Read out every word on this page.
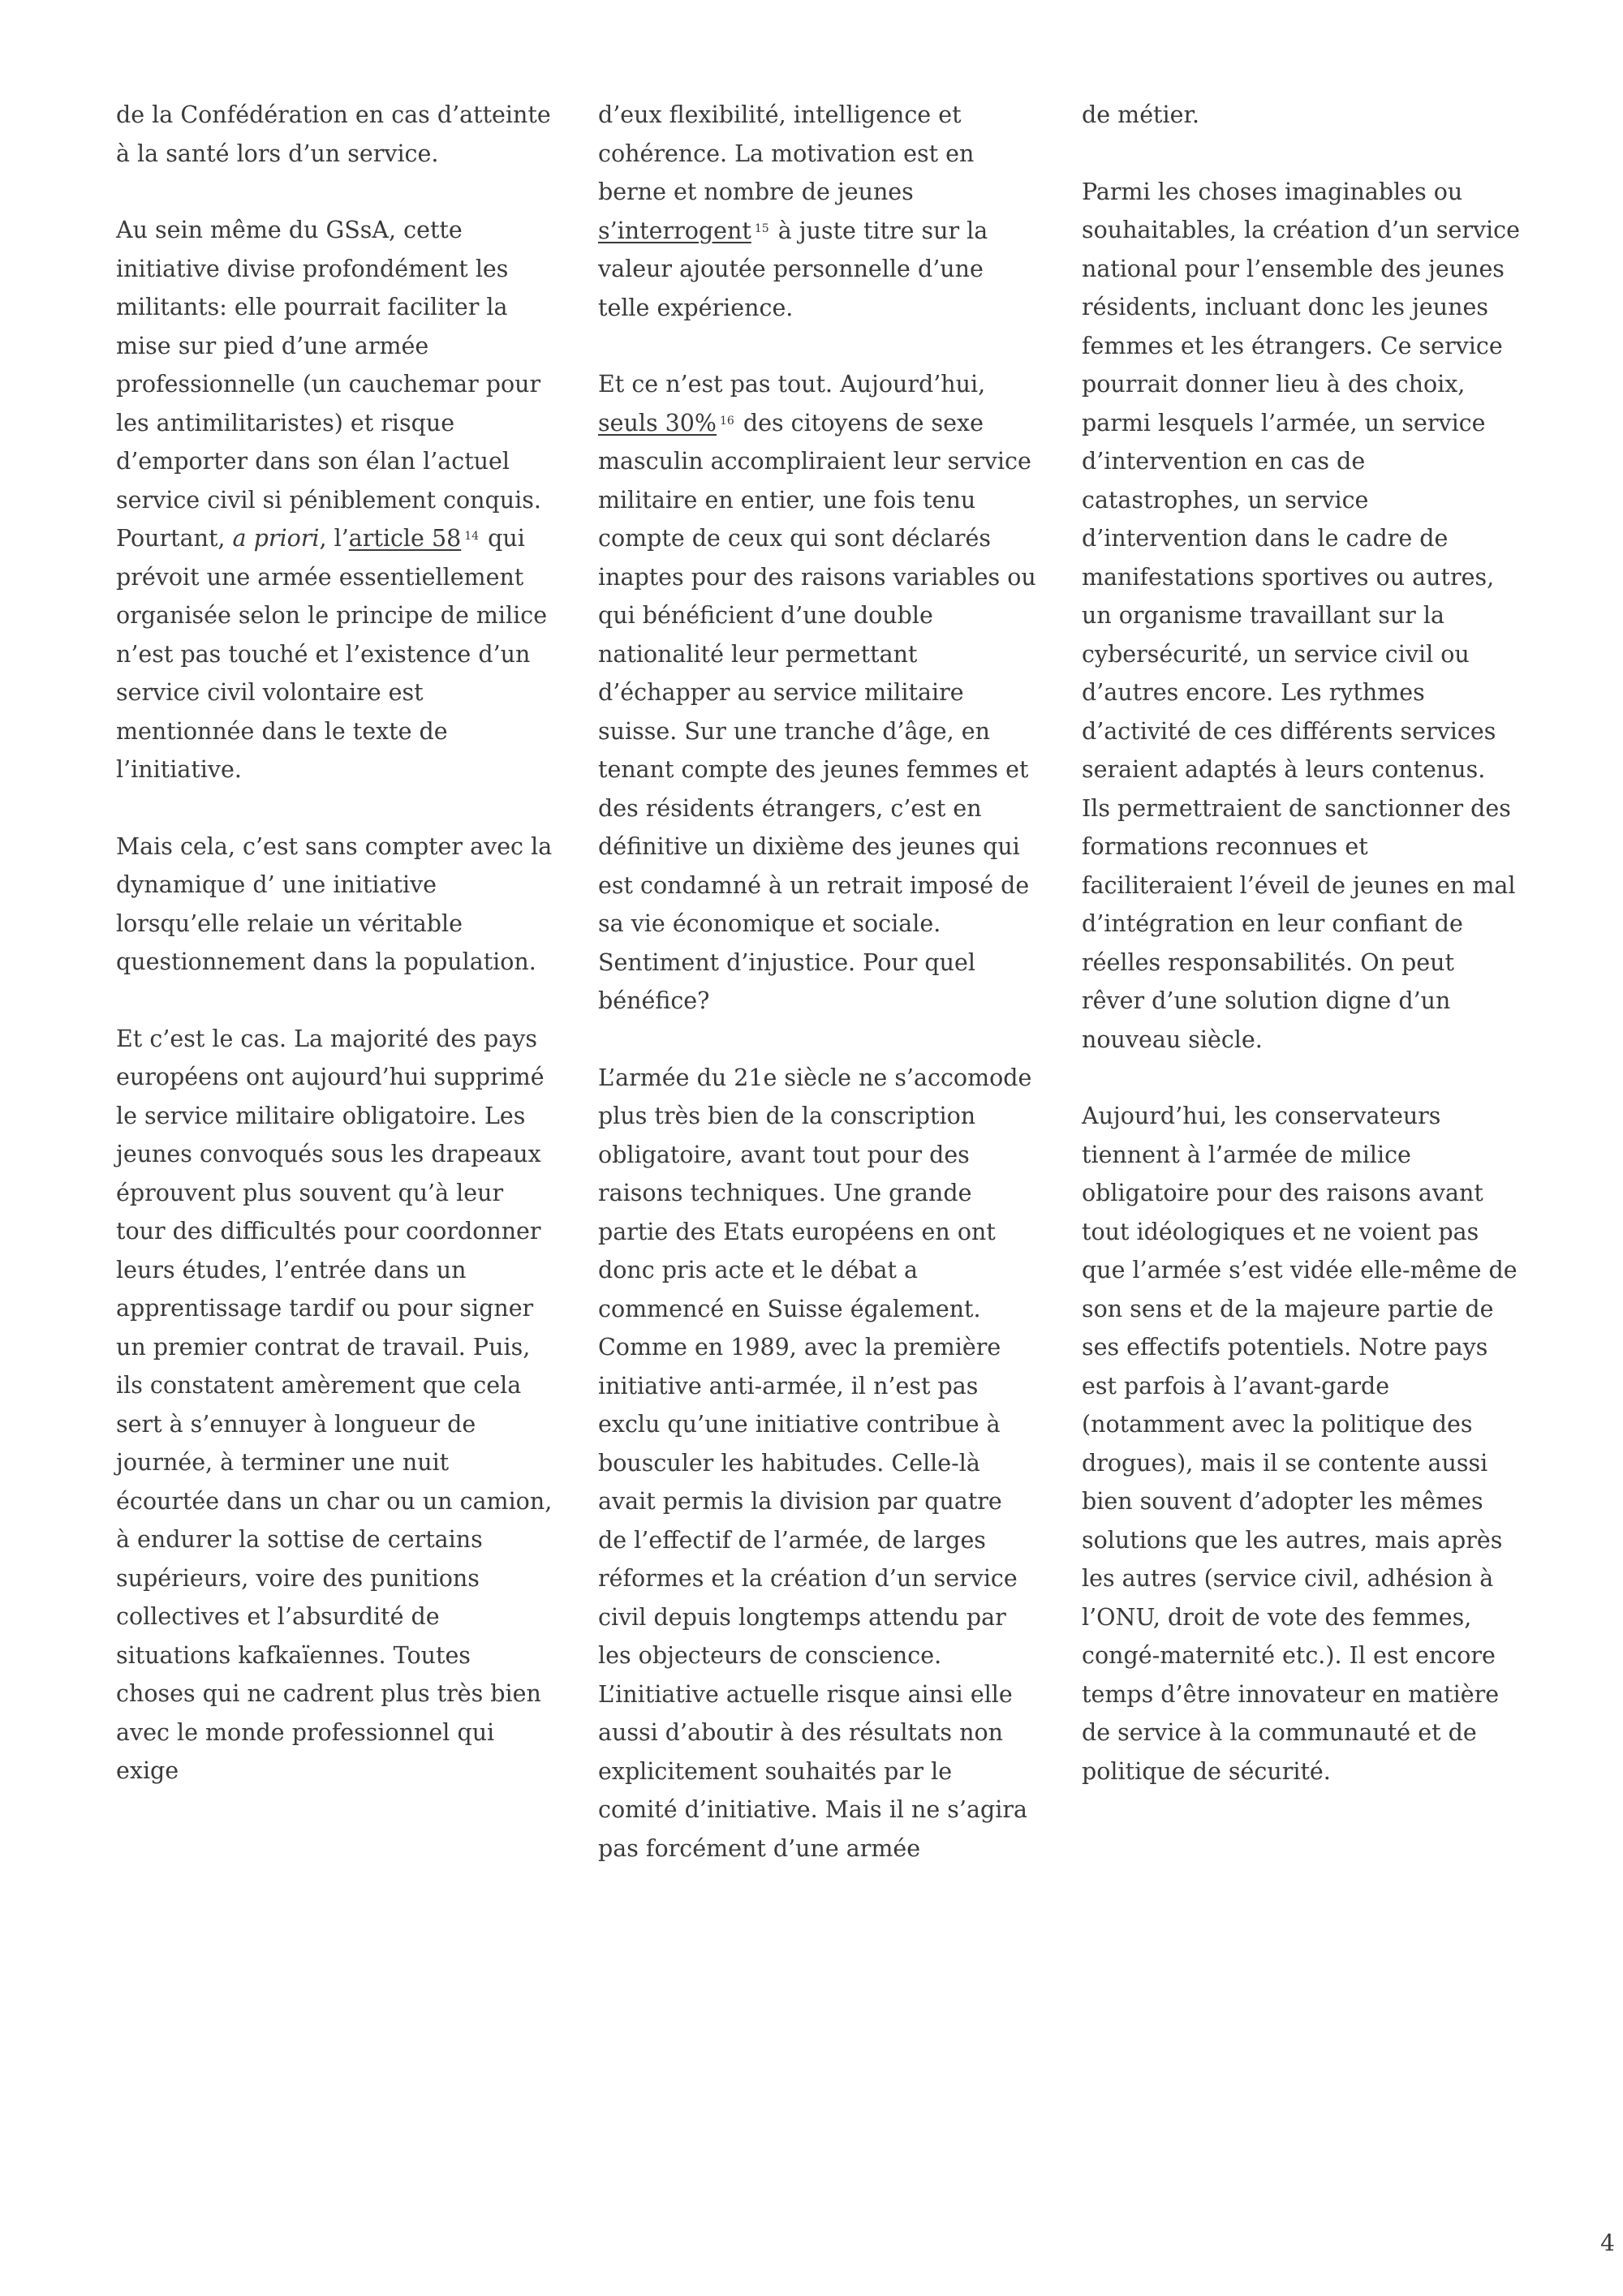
de la Confédération en cas d’atteinte à la santé lors d’un service.

Au sein même du GSsA, cette initiative divise profondément les militants: elle pourrait faciliter la mise sur pied d’une armée professionnelle (un cauchemar pour les antimilitaristes) et risque d’emporter dans son élan l’actuel service civil si péniblement conquis. Pourtant, a priori, l’article 58 $^{14}$ qui prévoit une armée essentiellement organisée selon le principe de milice n’est pas touché et l’existence d’un service civil volontaire est mentionnée dans le texte de l’initiative.

Mais cela, c’est sans compter avec la dynamique d’ une initiative lorsqu’elle relaie un véritable questionnement dans la population.

Et c’est le cas. La majorité des pays européens ont aujourd’hui supprimé le service militaire obligatoire. Les jeunes convoqués sous les drapeaux éprouvent plus souvent qu’à leur tour des difficultés pour coordonner leurs études, l’entrée dans un apprentissage tardif ou pour signer un premier contrat de travail. Puis, ils constatent amèrement que cela sert à s’ennuyer à longueur de journée, à terminer une nuit écourtée dans un char ou un camion, à endurer la sottise de certains supérieurs, voire des punitions collectives et l’absurdité de situations kafkaïennes. Toutes choses qui ne cadrent plus très bien avec le monde professionnel qui exige

d’eux flexibilité, intelligence et cohérence. La motivation est en berne et nombre de jeunes s’interrogent $^{15}$ à juste titre sur la valeur ajoutée personnelle d’une telle expérience.

Et ce n’est pas tout. Aujourd’hui, seuls 30% $^{16}$ des citoyens de sexe masculin accompliraient leur service militaire en entier, une fois tenu compte de ceux qui sont déclarés inaptes pour des raisons variables ou qui bénéficient d’une double nationalité leur permettant d’échapper au service militaire suisse. Sur une tranche d’âge, en tenant compte des jeunes femmes et des résidents étrangers, c’est en définitive un dixième des jeunes qui est condamné à un retrait imposé de sa vie économique et sociale. Sentiment d’injustice. Pour quel bénéfice?

L’armée du 21e siècle ne s’accomode plus très bien de la conscription obligatoire, avant tout pour des raisons techniques. Une grande partie des Etats européens en ont donc pris acte et le débat a commencé en Suisse également. Comme en 1989, avec la première initiative anti-armée, il n’est pas exclu qu’une initiative contribue à bousculer les habitudes. Celle-là avait permis la division par quatre de l’effectif de l’armée, de larges réformes et la création d’un service civil depuis longtemps attendu par les objecteurs de conscience. L’initiative actuelle risque ainsi elle aussi d’aboutir à des résultats non explicitement souhaités par le comité d’initiative. Mais il ne s’agira pas forcément d’une armée

de métier.

Parmi les choses imaginables ou souhaitables, la création d’un service national pour l’ensemble des jeunes résidents, incluant donc les jeunes femmes et les étrangers. Ce service pourrait donner lieu à des choix, parmi lesquels l’armée, un service d’intervention en cas de catastrophes, un service d’intervention dans le cadre de manifestations sportives ou autres, un organisme travaillant sur la cybersécurité, un service civil ou d’autres encore. Les rythmes d’activité de ces différents services seraient adaptés à leurs contenus. Ils permettraient de sanctionner des formations reconnues et faciliteraient l’éveil de jeunes en mal d’intégration en leur confiant de réelles responsabilités. On peut rêver d’une solution digne d’un nouveau siècle.

Aujourd’hui, les conservateurs tiennent à l’armée de milice obligatoire pour des raisons avant tout idéologiques et ne voient pas que l’armée s’est vidée elle-même de son sens et de la majeure partie de ses effectifs potentiels. Notre pays est parfois à l’avant-garde (notamment avec la politique des drogues), mais il se contente aussi bien souvent d’adopter les mêmes solutions que les autres, mais après les autres (service civil, adhésion à l’ONU, droit de vote des femmes, congé-maternité etc.). Il est encore temps d’être innovateur en matière de service à la communauté et de politique de sécurité.

4
